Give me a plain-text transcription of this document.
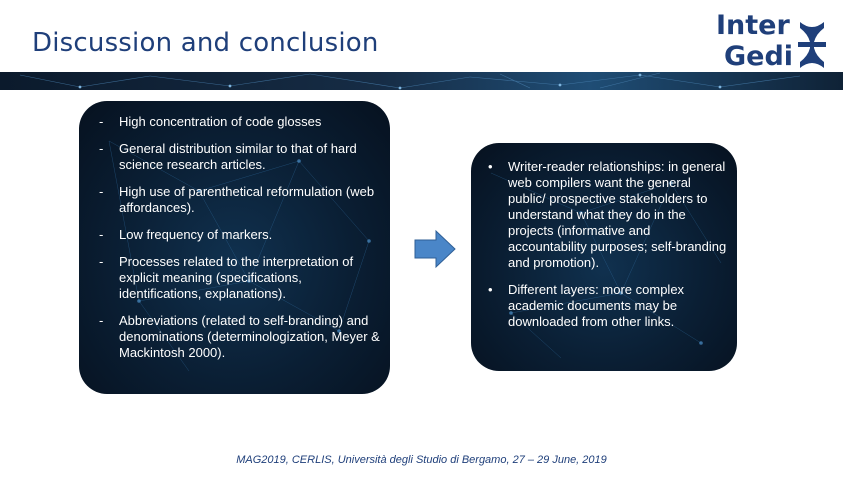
Discussion and conclusion
Inter
Gedi
- High concentration of code glosses
- General distribution similar to that of hard science research articles.
- High use of parenthetical reformulation (web affordances).
- Low frequency of markers.
- Processes related to the interpretation of explicit meaning (specifications, identifications, explanations).
- Abbreviations (related to self-branding) and denominations (determinologization, Meyer & Mackintosh 2000).
• Writer-reader relationships: in general web compilers want the general public/ prospective stakeholders to understand what they do in the projects (informative and accountability purposes; self-branding and promotion).
• Different layers: more complex academic documents may be downloaded from other links.
MAG2019, CERLIS, Università degli Studio di Bergamo, 27 – 29 June, 2019
